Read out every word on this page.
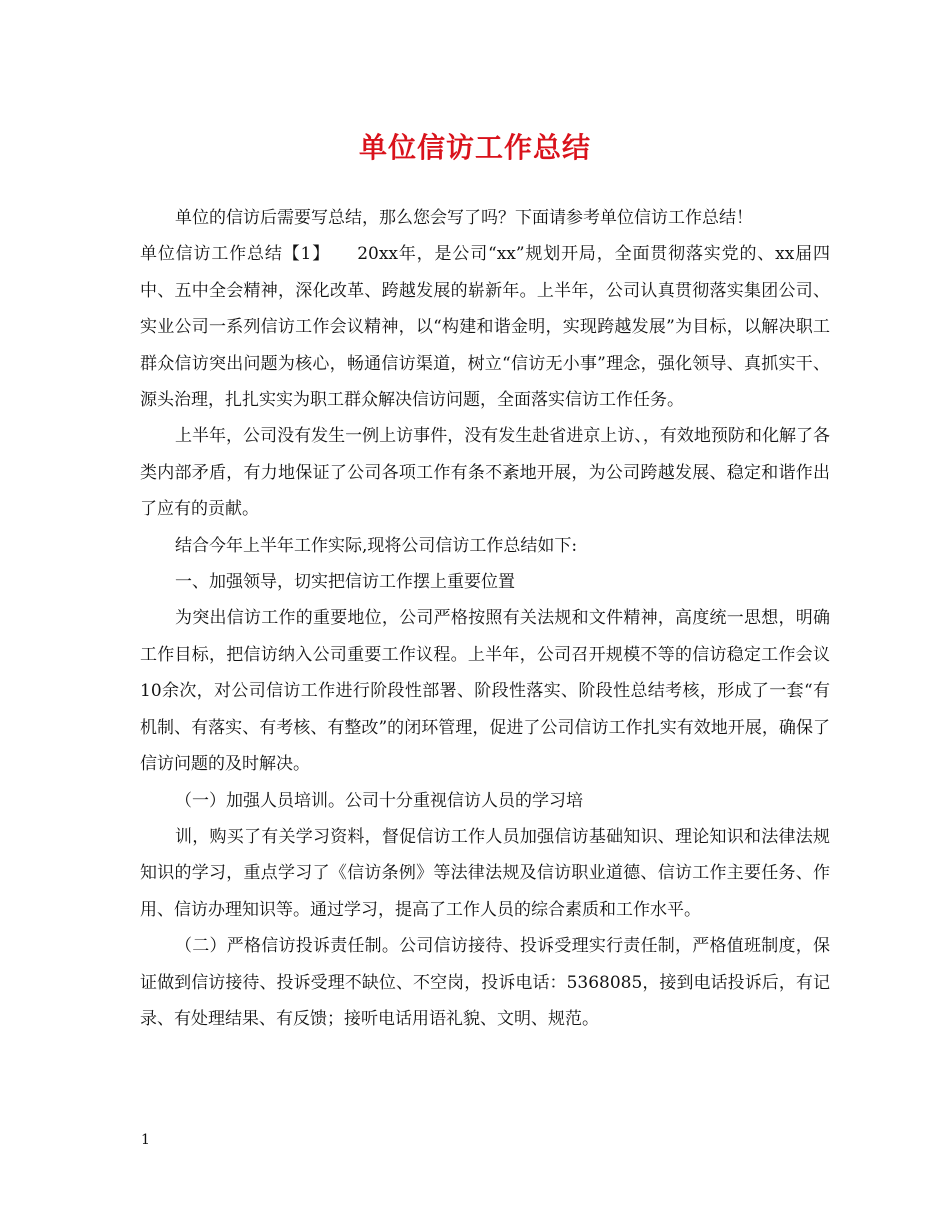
单位信访工作总结

单位的信访后需要写总结，那么您会写了吗？下面请参考单位信访工作总结！

单位信访工作总结【1】　　20xx年，是公司“xx”规划开局，全面贯彻落实党的、xx届四中、五中全会精神，深化改革、跨越发展的崭新年。上半年，公司认真贯彻落实集团公司、实业公司一系列信访工作会议精神，以“构建和谐金明，实现跨越发展”为目标，以解决职工群众信访突出问题为核心，畅通信访渠道，树立“信访无小事”理念，强化领导、真抓实干、源头治理，扎扎实实为职工群众解决信访问题，全面落实信访工作任务。

上半年，公司没有发生一例上访事件，没有发生赴省进京上访、，有效地预防和化解了各类内部矛盾，有力地保证了公司各项工作有条不紊地开展，为公司跨越发展、稳定和谐作出了应有的贡献。

结合今年上半年工作实际,现将公司信访工作总结如下:

一、加强领导，切实把信访工作摆上重要位置

为突出信访工作的重要地位，公司严格按照有关法规和文件精神，高度统一思想，明确工作目标，把信访纳入公司重要工作议程。上半年，公司召开规模不等的信访稳定工作会议10余次，对公司信访工作进行阶段性部署、阶段性落实、阶段性总结考核，形成了一套“有机制、有落实、有考核、有整改”的闭环管理，促进了公司信访工作扎实有效地开展，确保了信访问题的及时解决。

（一）加强人员培训。公司十分重视信访人员的学习培

训，购买了有关学习资料，督促信访工作人员加强信访基础知识、理论知识和法律法规知识的学习，重点学习了《信访条例》等法律法规及信访职业道德、信访工作主要任务、作用、信访办理知识等。通过学习，提高了工作人员的综合素质和工作水平。

（二）严格信访投诉责任制。公司信访接待、投诉受理实行责任制，严格值班制度，保证做到信访接待、投诉受理不缺位、不空岗，投诉电话：5368085，接到电话投诉后，有记录、有处理结果、有反馈；接听电话用语礼貌、文明、规范。

1
